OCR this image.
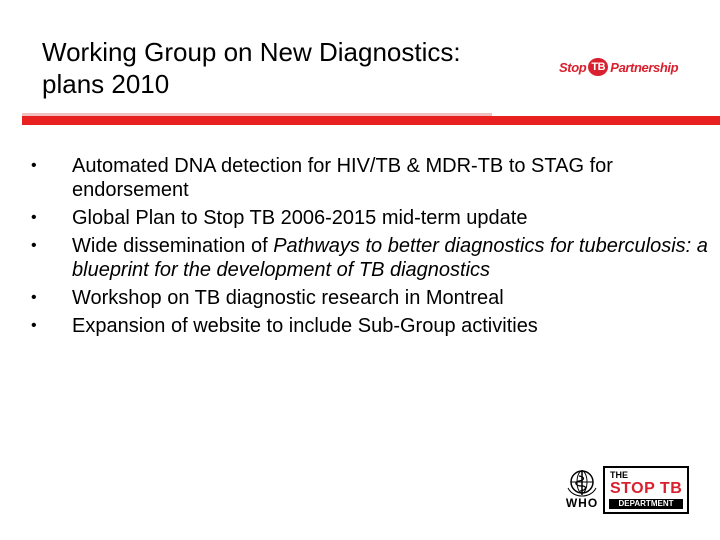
Working Group on New Diagnostics:
plans 2010
Stop TB Partnership
• Automated DNA detection for HIV/TB & MDR-TB to STAG for endorsement
• Global Plan to Stop TB 2006-2015 mid-term update
• Wide dissemination of Pathways to better diagnostics for tuberculosis: a blueprint for the development of TB diagnostics
• Workshop on TB diagnostic research in Montreal
• Expansion of website to include Sub-Group activities
WHO
THE
STOP TB
DEPARTMENT
